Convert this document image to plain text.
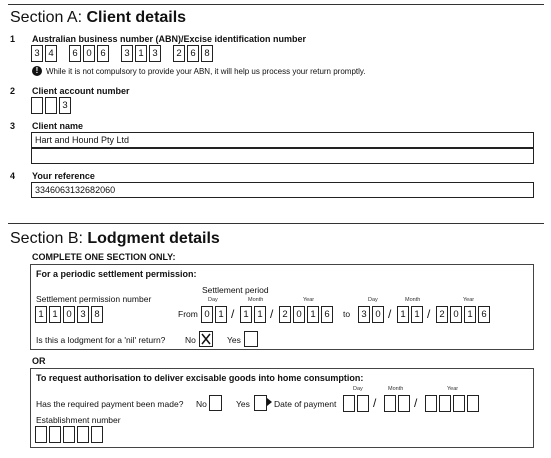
Section A: Client details
1 Australian business number (ABN)/Excise identification number
3 4	6 0 6	3 1 3	2 6 8
! While it is not compulsory to provide your ABN, it will help us process your return promptly.
2 Client account number
3
3 Client name
Hart and Hound Pty Ltd
4 Your reference
3346063132682060
Section B: Lodgment details
COMPLETE ONE SECTION ONLY:
For a periodic settlement permission:
Settlement period
Settlement permission number
1 1 0 3 8	From
Day	Month	Year
0 1 / 1 1 / 2 0 1 6	to
Day	Month	Year
3 0 / 1 1 / 2 0 1 6
Is this a lodgment for a 'nil' return? No	Yes
OR
To request authorisation to deliver excisable goods into home consumption:
Has the required payment been made? No	Yes	Date of payment
Day	Month	Year
/	/
Establishment number
